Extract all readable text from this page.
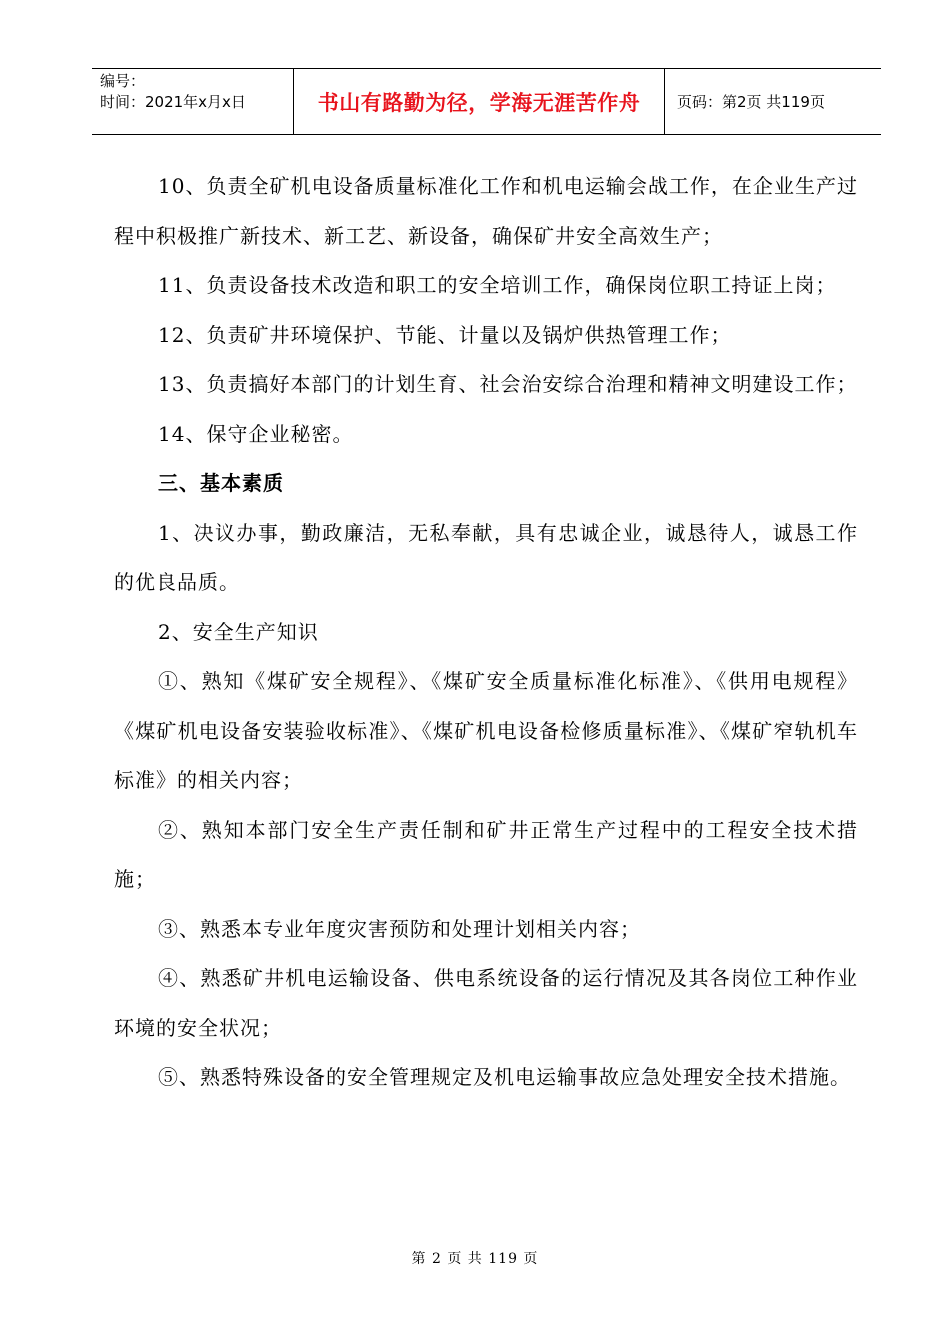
编号：
时间：2021年x月x日	书山有路勤为径，学海无涯苦作舟	页码：第2页 共119页

10、负责全矿机电设备质量标准化工作和机电运输会战工作，在企业生产过程中积极推广新技术、新工艺、新设备，确保矿井安全高效生产；

11、负责设备技术改造和职工的安全培训工作，确保岗位职工持证上岗；

12、负责矿井环境保护、节能、计量以及锅炉供热管理工作；

13、负责搞好本部门的计划生育、社会治安综合治理和精神文明建设工作；

14、保守企业秘密。

三、基本素质

1、决议办事，勤政廉洁，无私奉献，具有忠诚企业，诚恳待人，诚恳工作的优良品质。

2、安全生产知识

①、熟知《煤矿安全规程》、《煤矿安全质量标准化标准》、《供用电规程》《煤矿机电设备安装验收标准》、《煤矿机电设备检修质量标准》、《煤矿窄轨机车标准》的相关内容；

②、熟知本部门安全生产责任制和矿井正常生产过程中的工程安全技术措施；

③、熟悉本专业年度灾害预防和处理计划相关内容；

④、熟悉矿井机电运输设备、供电系统设备的运行情况及其各岗位工种作业环境的安全状况；

⑤、熟悉特殊设备的安全管理规定及机电运输事故应急处理安全技术措施。

第 2 页 共 119 页
